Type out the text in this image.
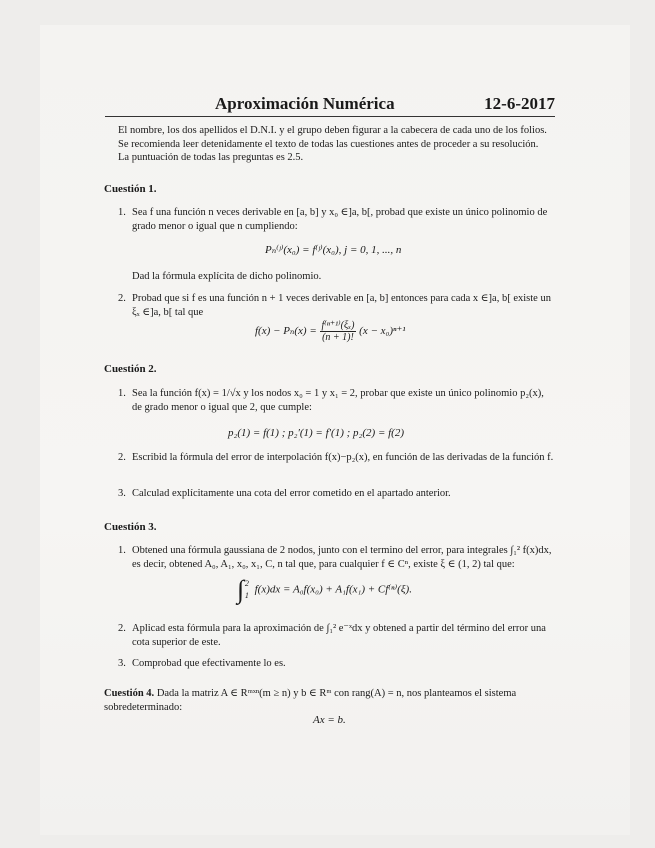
Aproximación Numérica	12-6-2017
El nombre, los dos apellidos el D.N.I. y el grupo deben figurar a la cabecera de cada uno de los folios.
Se recomienda leer detenidamente el texto de todas las cuestiones antes de proceder a su resolución.
La puntuación de todas las preguntas es 2.5.
Cuestión 1.
1. Sea f una función n veces derivable en [a, b] y x₀ ∈]a, b[, probad que existe un único polinomio de grado menor o igual que n cumpliendo:
Pₙ⁽ʲ⁾(x₀) = f⁽ʲ⁾(x₀), j = 0, 1, ..., n
Dad la fórmula explícita de dicho polinomio.
2. Probad que si f es una función n + 1 veces derivable en [a, b] entonces para cada x ∈]a, b[ existe un ξₓ ∈]a, b[ tal que
$f(x) - P_n(x) = \frac{\text{f⁽ⁿ⁺¹⁾(ξₓ)}}{(n + 1)!} (x - x_0)^{n+1}$
Cuestión 2.
1. Sea la función f(x) = 1/√x y los nodos x₀ = 1 y x₁ = 2, probar que existe un único polinomio p₂(x), de grado menor o igual que 2, que cumple:
p₂(1) = f(1) ; p₂′(1) = f′(1) ; p₂(2) = f(2)
2. Escribid la fórmula del error de interpolación f(x)−p₂(x), en función de las derivadas de la función f.
3. Calculad explícitamente una cota del error cometido en el apartado anterior.
Cuestión 3.
1. Obtened una fórmula gaussiana de 2 nodos, junto con el termino del error, para integrales ∫₁² f(x)dx, es decir, obtened A₀, A₁, x₀, x₁, C, n tal que, para cualquier f ∈ Cⁿ, existe ξ ∈ (1, 2) tal que:
∫ 2
1 f(x)dx = A₀f(x₀) + A₁f(x₁) + Cf⁽ⁿ⁾(ξ).
2. Aplicad esta fórmula para la aproximación de ∫₁² e⁻ˣdx y obtened a partir del término del error una cota superior de este.
3. Comprobad que efectivamente lo es.
Cuestión 4. Dada la matriz A ∈ Rᵐˣⁿ(m ≥ n) y b ∈ Rᵐ con rang(A) = n, nos planteamos el sistema sobredeterminado:
Ax = b.
